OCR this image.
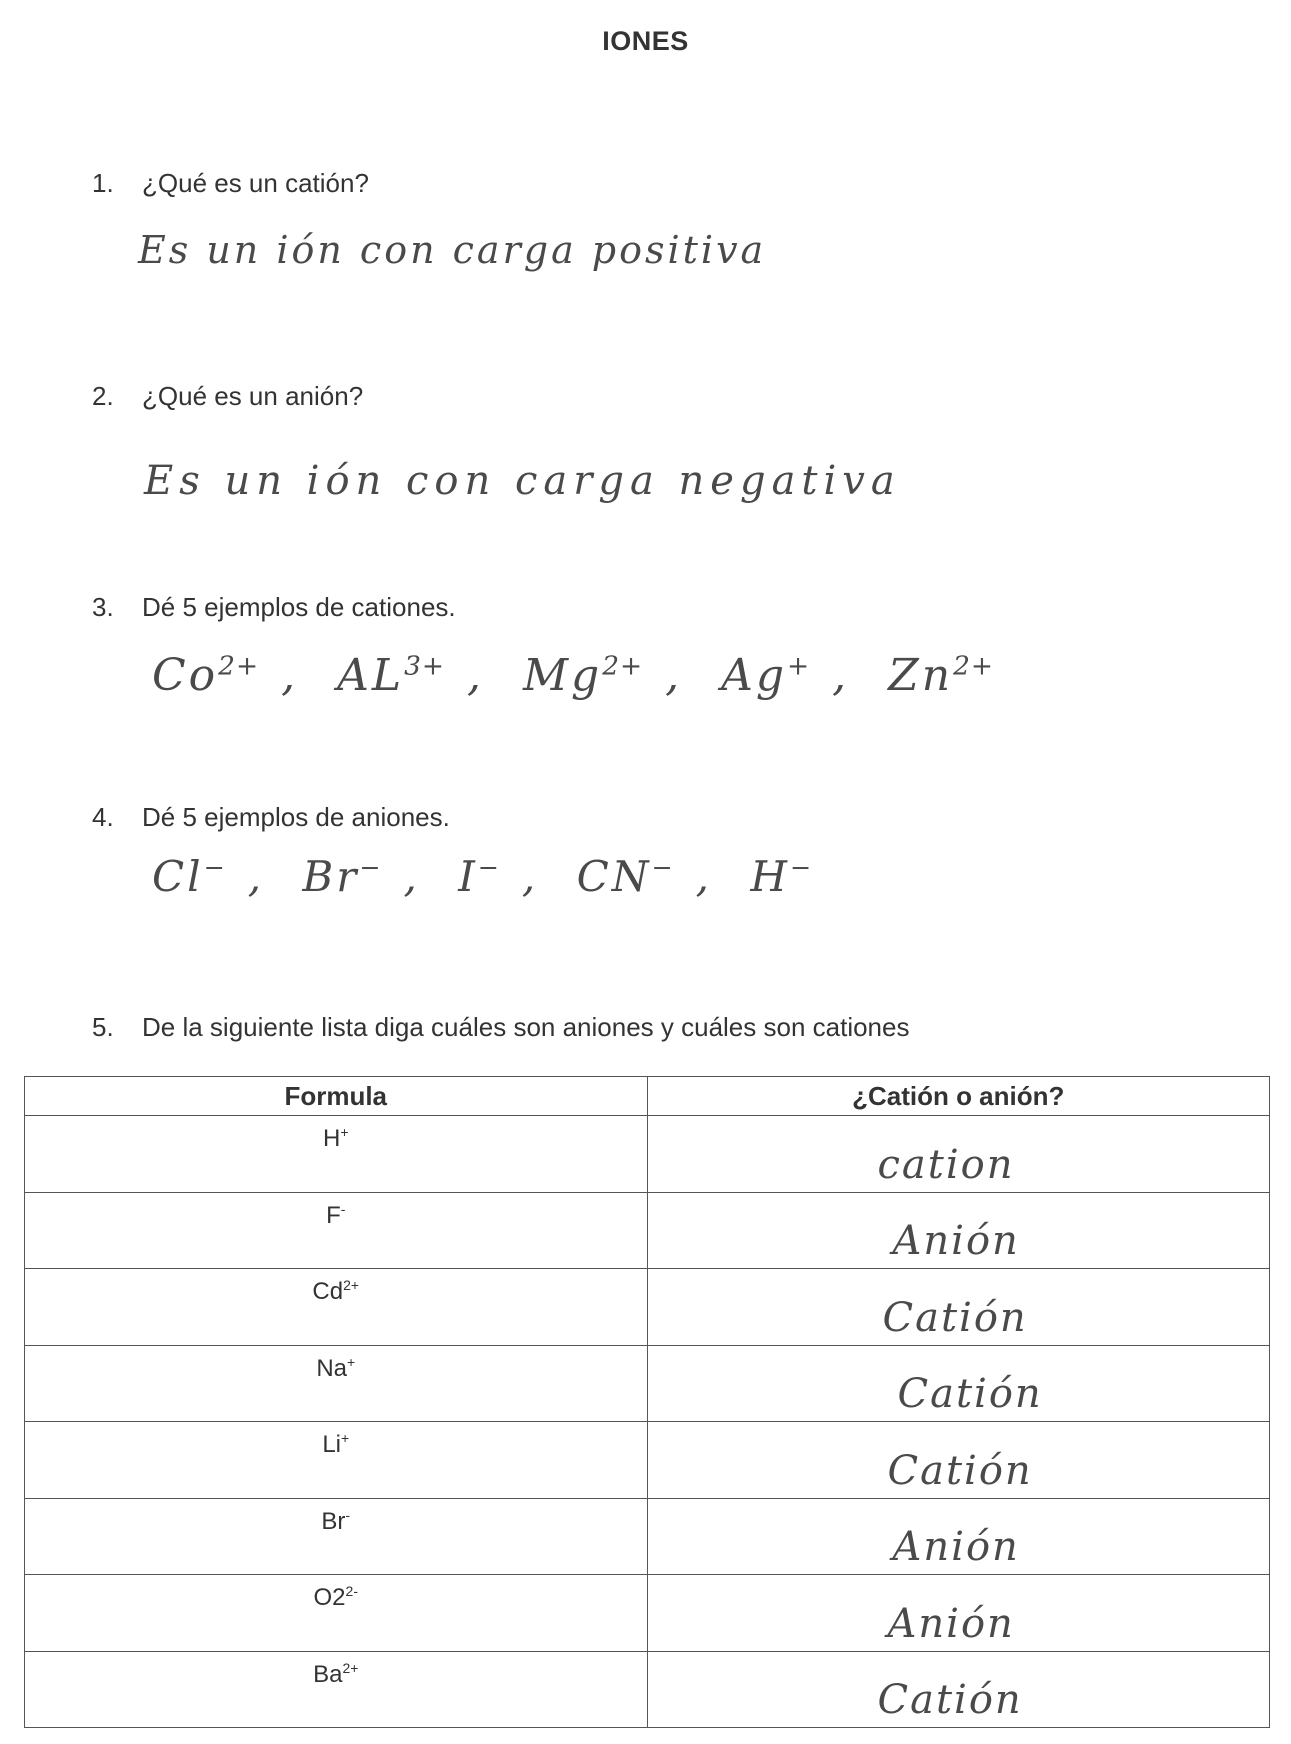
IONES
1. ¿Qué es un catión?
Es un ión con carga positiva
2. ¿Qué es un anión?
Es un ión con carga negativa
3. Dé 5 ejemplos de cationes.
$Co^{2+}$ , $AL^{3+}$ , $Mg^{2+}$ , Ag+ , $Zn^{2+}$
4. Dé 5 ejemplos de aniones.
Cl− , Br− , I− , CN− , H−
5. De la siguiente lista diga cuáles son aniones y cuáles son cationes
Formula	¿Catión o anión?
H+	cation

F-	Anión

$Cd^{2+}$	Catión

Na+	Catión

Li+	Catión

Br-	Anión

$O2^{2-}$	Anión

$Ba^{2+}$	Catión
